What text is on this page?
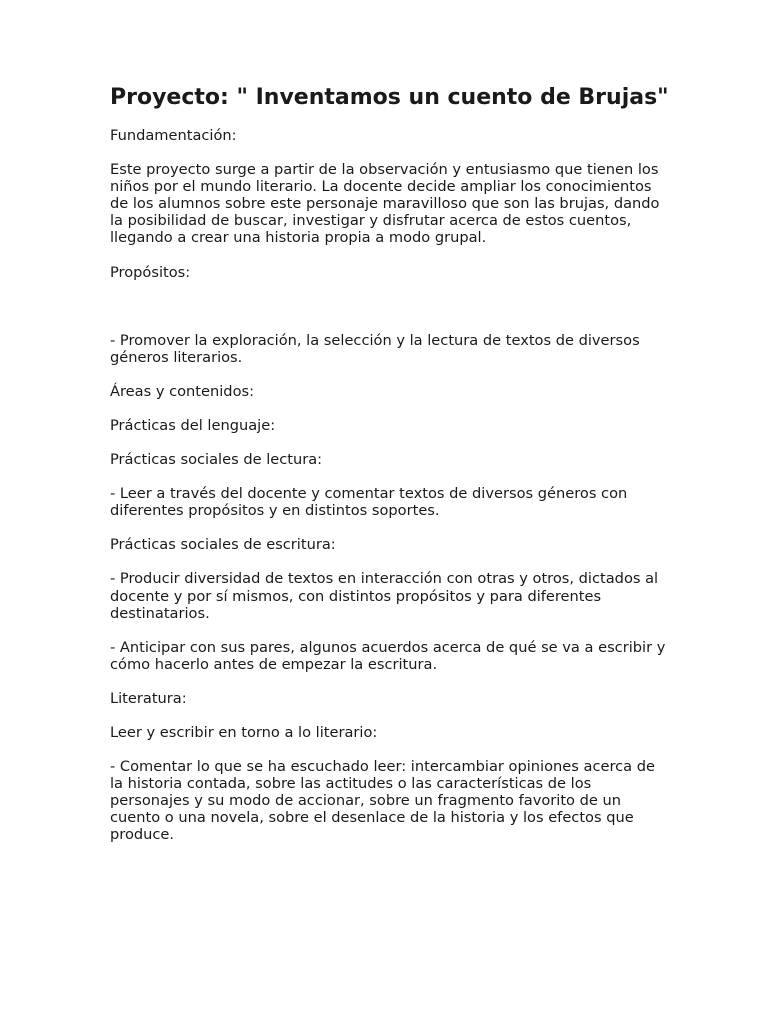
Proyecto: " Inventamos un cuento de Brujas"

Fundamentación:

Este proyecto surge a partir de la observación y entusiasmo que tienen los niños por el mundo literario. La docente decide ampliar los conocimientos de los alumnos sobre este personaje maravilloso que son las brujas, dando la posibilidad de buscar, investigar y disfrutar acerca de estos cuentos, llegando a crear una historia propia a modo grupal.

Propósitos:

- Promover la exploración, la selección y la lectura de textos de diversos géneros literarios.

Áreas y contenidos:

Prácticas del lenguaje:

Prácticas sociales de lectura:

- Leer a través del docente y comentar textos de diversos géneros con diferentes propósitos y en distintos soportes.

Prácticas sociales de escritura:

- Producir diversidad de textos en interacción con otras y otros, dictados al docente y por sí mismos, con distintos propósitos y para diferentes destinatarios.

- Anticipar con sus pares, algunos acuerdos acerca de qué se va a escribir y cómo hacerlo antes de empezar la escritura.

Literatura:

Leer y escribir en torno a lo literario:

- Comentar lo que se ha escuchado leer: intercambiar opiniones acerca de la historia contada, sobre las actitudes o las características de los personajes y su modo de accionar, sobre un fragmento favorito de un cuento o una novela, sobre el desenlace de la historia y los efectos que produce.
